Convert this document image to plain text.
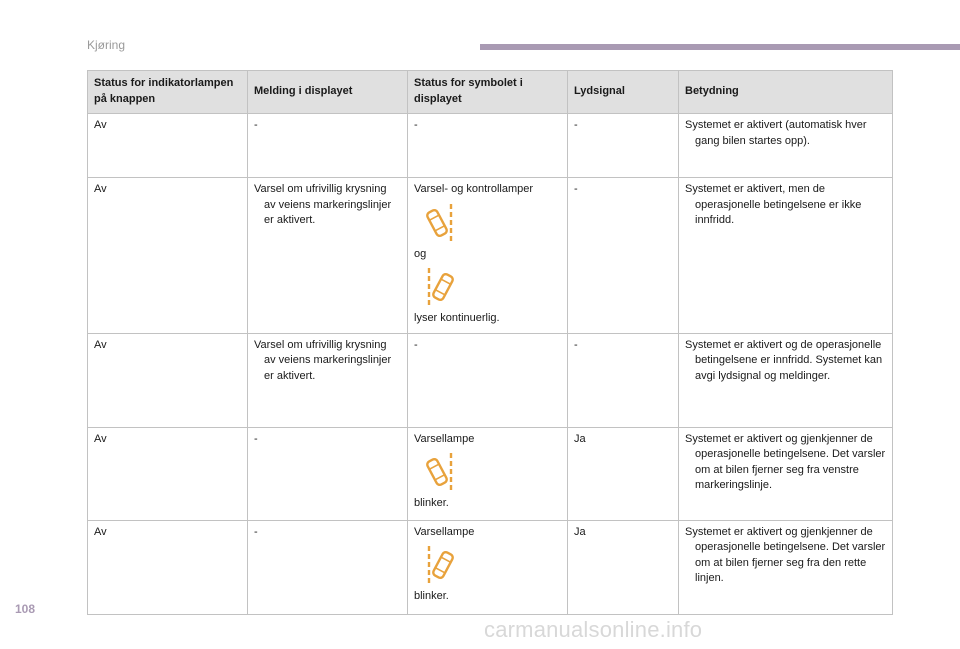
Kjøring
Status for indikatorlampen på knappen	Melding i displayet	Status for symbolet i displayet	Lydsignal	Betydning

Av	-	-	-	Systemet er aktivert (automatisk hver gang bilen startes opp).

Av	Varsel om ufrivillig krysning av veiens markeringslinjer er aktivert.	Varsel- og kontrollamper
og
lyser kontinuerlig.	-	Systemet er aktivert, men de operasjonelle betingelsene er ikke innfridd.

Av	Varsel om ufrivillig krysning av veiens markeringslinjer er aktivert.	-	-	Systemet er aktivert og de operasjonelle betingelsene er innfridd. Systemet kan avgi lydsignal og meldinger.

Av	-	Varsellampe
blinker.	Ja	Systemet er aktivert og gjenkjenner de operasjonelle betingelsene. Det varsler om at bilen fjerner seg fra venstre markeringslinje.

Av	-	Varsellampe
blinker.	Ja	Systemet er aktivert og gjenkjenner de operasjonelle betingelsene. Det varsler om at bilen fjerner seg fra den rette linjen.
108
carmanualsonline.info
